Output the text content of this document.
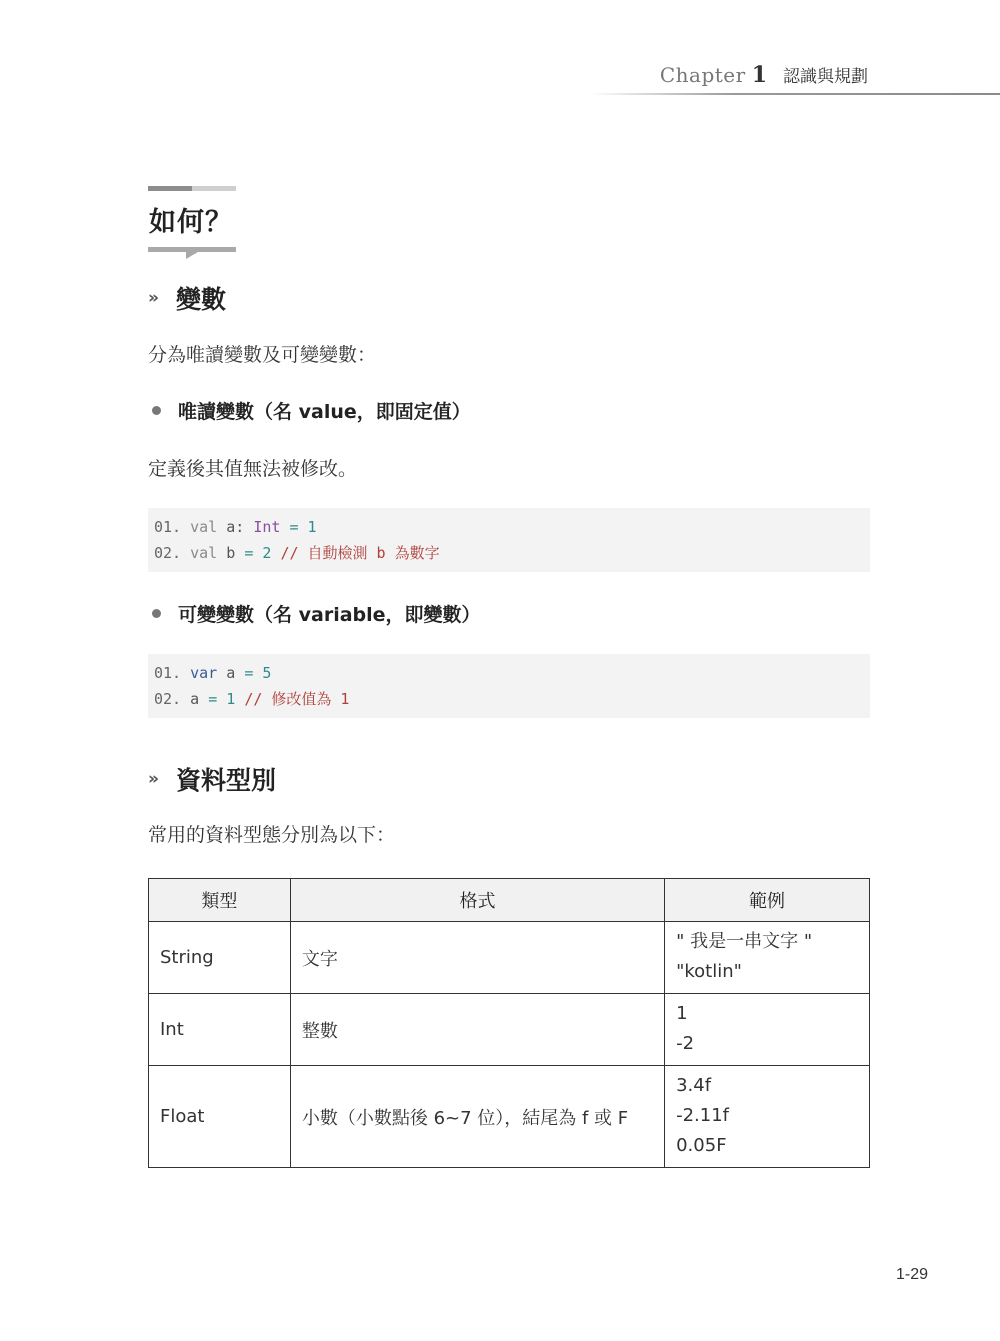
Chapter 1 認識與規劃
如何？
» 變數
分為唯讀變數及可變變數：
唯讀變數（名 value，即固定值）
定義後其值無法被修改。
01. val a: Int = 1
02. val b = 2 // 自動檢測 b 為數字
可變變數（名 variable，即變數）
01. var a = 5
02. a = 1 // 修改值為 1
» 資料型別
常用的資料型態分別為以下：
類型	格式	範例
String	文字	" 我是一串文字 "
"kotlin"

Int	整數	1
-2

Float	小數（小數點後 6~7 位），結尾為 f 或 F	3.4f
-2.11f
0.05F
1-29
